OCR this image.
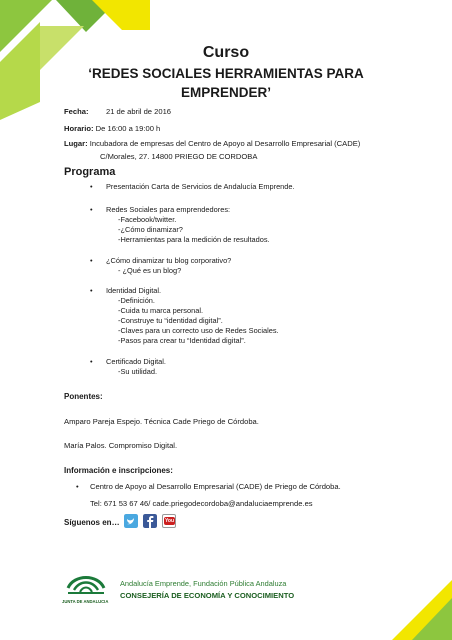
Curso
‘REDES SOCIALES HERRAMIENTAS PARA
EMPRENDER’
Fecha: 21 de abril de 2016
Horario: De 16:00 a 19:00 h
Lugar: Incubadora de empresas del Centro de Apoyo al Desarrollo Empresarial (CADE)
C/Morales, 27. 14800 PRIEGO DE CORDOBA
Programa
• Presentación Carta de Servicios de Andalucía Emprende.
• Redes Sociales para emprendedores:
-Facebook/twitter.
-¿Cómo dinamizar?
-Herramientas para la medición de resultados.
• ¿Cómo dinamizar tu blog corporativo?
- ¿Qué es un blog?
• Identidad Digital.
-Definición.
-Cuida tu marca personal.
-Construye tu “identidad digital”.
-Claves para un correcto uso de Redes Sociales.
-Pasos para crear tu “Identidad digital”.
• Certificado Digital.
-Su utilidad.
Ponentes:
Amparo Pareja Espejo. Técnica Cade Priego de Córdoba.
María Palos. Compromiso Digital.
Información e inscripciones:
• Centro de Apoyo al Desarrollo Empresarial (CADE) de Priego de Córdoba.
Tel: 671 53 67 46/ cade.priegodecordoba@andaluciaemprende.es
Síguenos en…	You
JUNTA DE ANDALUCIA
Andalucía Emprende, Fundación Pública Andaluza
CONSEJERÍA DE ECONOMÍA Y CONOCIMIENTO
